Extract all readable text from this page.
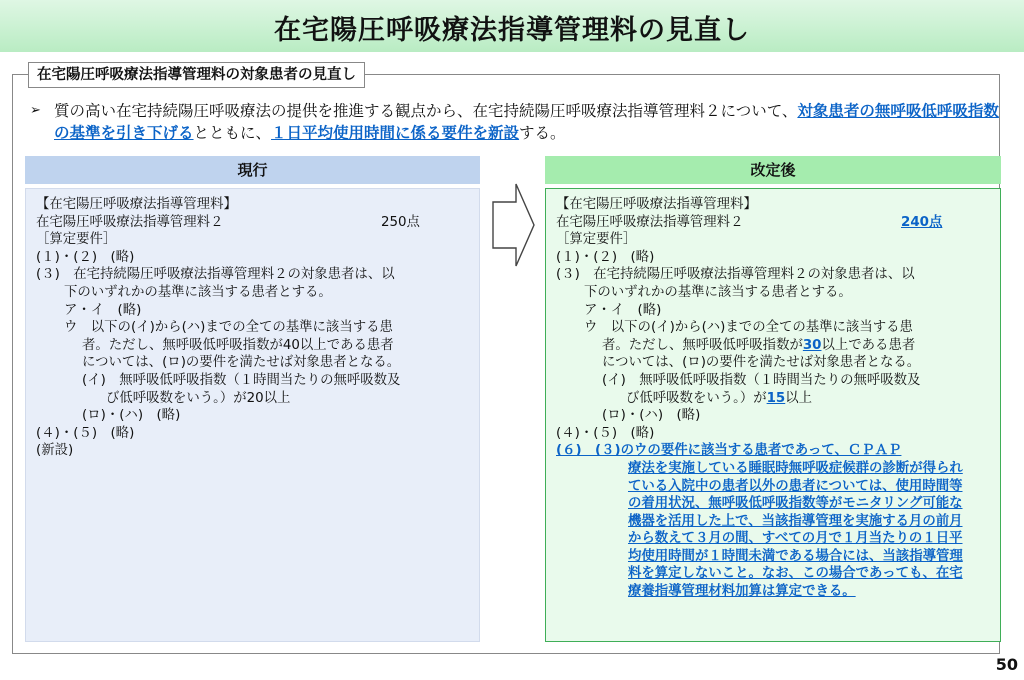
在宅陽圧呼吸療法指導管理料の見直し
在宅陽圧呼吸療法指導管理料の対象患者の見直し
➢ 質の高い在宅持続陽圧呼吸療法の提供を推進する観点から、在宅持続陽圧呼吸療法指導管理料２について、対象患者の無呼吸低呼吸指数の基準を引き下げるとともに、１日平均使用時間に係る要件を新設する。
現行	改定後
【在宅陽圧呼吸療法指導管理料】
在宅陽圧呼吸療法指導管理料２	250点
［算定要件］
(１)・(２)　(略)
(３)　在宅持続陽圧呼吸療法指導管理料２の対象患者は、以
下のいずれかの基準に該当する患者とする。
ア・イ　(略)
ウ　以下の(イ)から(ハ)までの全ての基準に該当する患
者。ただし、無呼吸低呼吸指数が40以上である患者
については、(ロ)の要件を満たせば対象患者となる。
(イ)　無呼吸低呼吸指数（１時間当たりの無呼吸数及
び低呼吸数をいう。）が20以上
(ロ)・(ハ)　(略)
(４)・(５)　(略)
(新設)
【在宅陽圧呼吸療法指導管理料】
在宅陽圧呼吸療法指導管理料２	240点
［算定要件］
(１)・(２)　(略)
(３)　在宅持続陽圧呼吸療法指導管理料２の対象患者は、以
下のいずれかの基準に該当する患者とする。
ア・イ　(略)
ウ　以下の(イ)から(ハ)までの全ての基準に該当する患
者。ただし、無呼吸低呼吸指数が30以上である患者
については、(ロ)の要件を満たせば対象患者となる。
(イ)　無呼吸低呼吸指数（１時間当たりの無呼吸数及
び低呼吸数をいう。）が15以上
(ロ)・(ハ)　(略)
(４)・(５)　(略)
(６)　(３)のウの要件に該当する患者であって、ＣＰＡＰ
療法を実施している睡眠時無呼吸症候群の診断が得られ
ている入院中の患者以外の患者については、使用時間等
の着用状況、無呼吸低呼吸指数等がモニタリング可能な
機器を活用した上で、当該指導管理を実施する月の前月
から数えて３月の間、すべての月で１月当たりの１日平
均使用時間が１時間未満である場合には、当該指導管理
料を算定しないこと。なお、この場合であっても、在宅
療養指導管理材料加算は算定できる。
50
